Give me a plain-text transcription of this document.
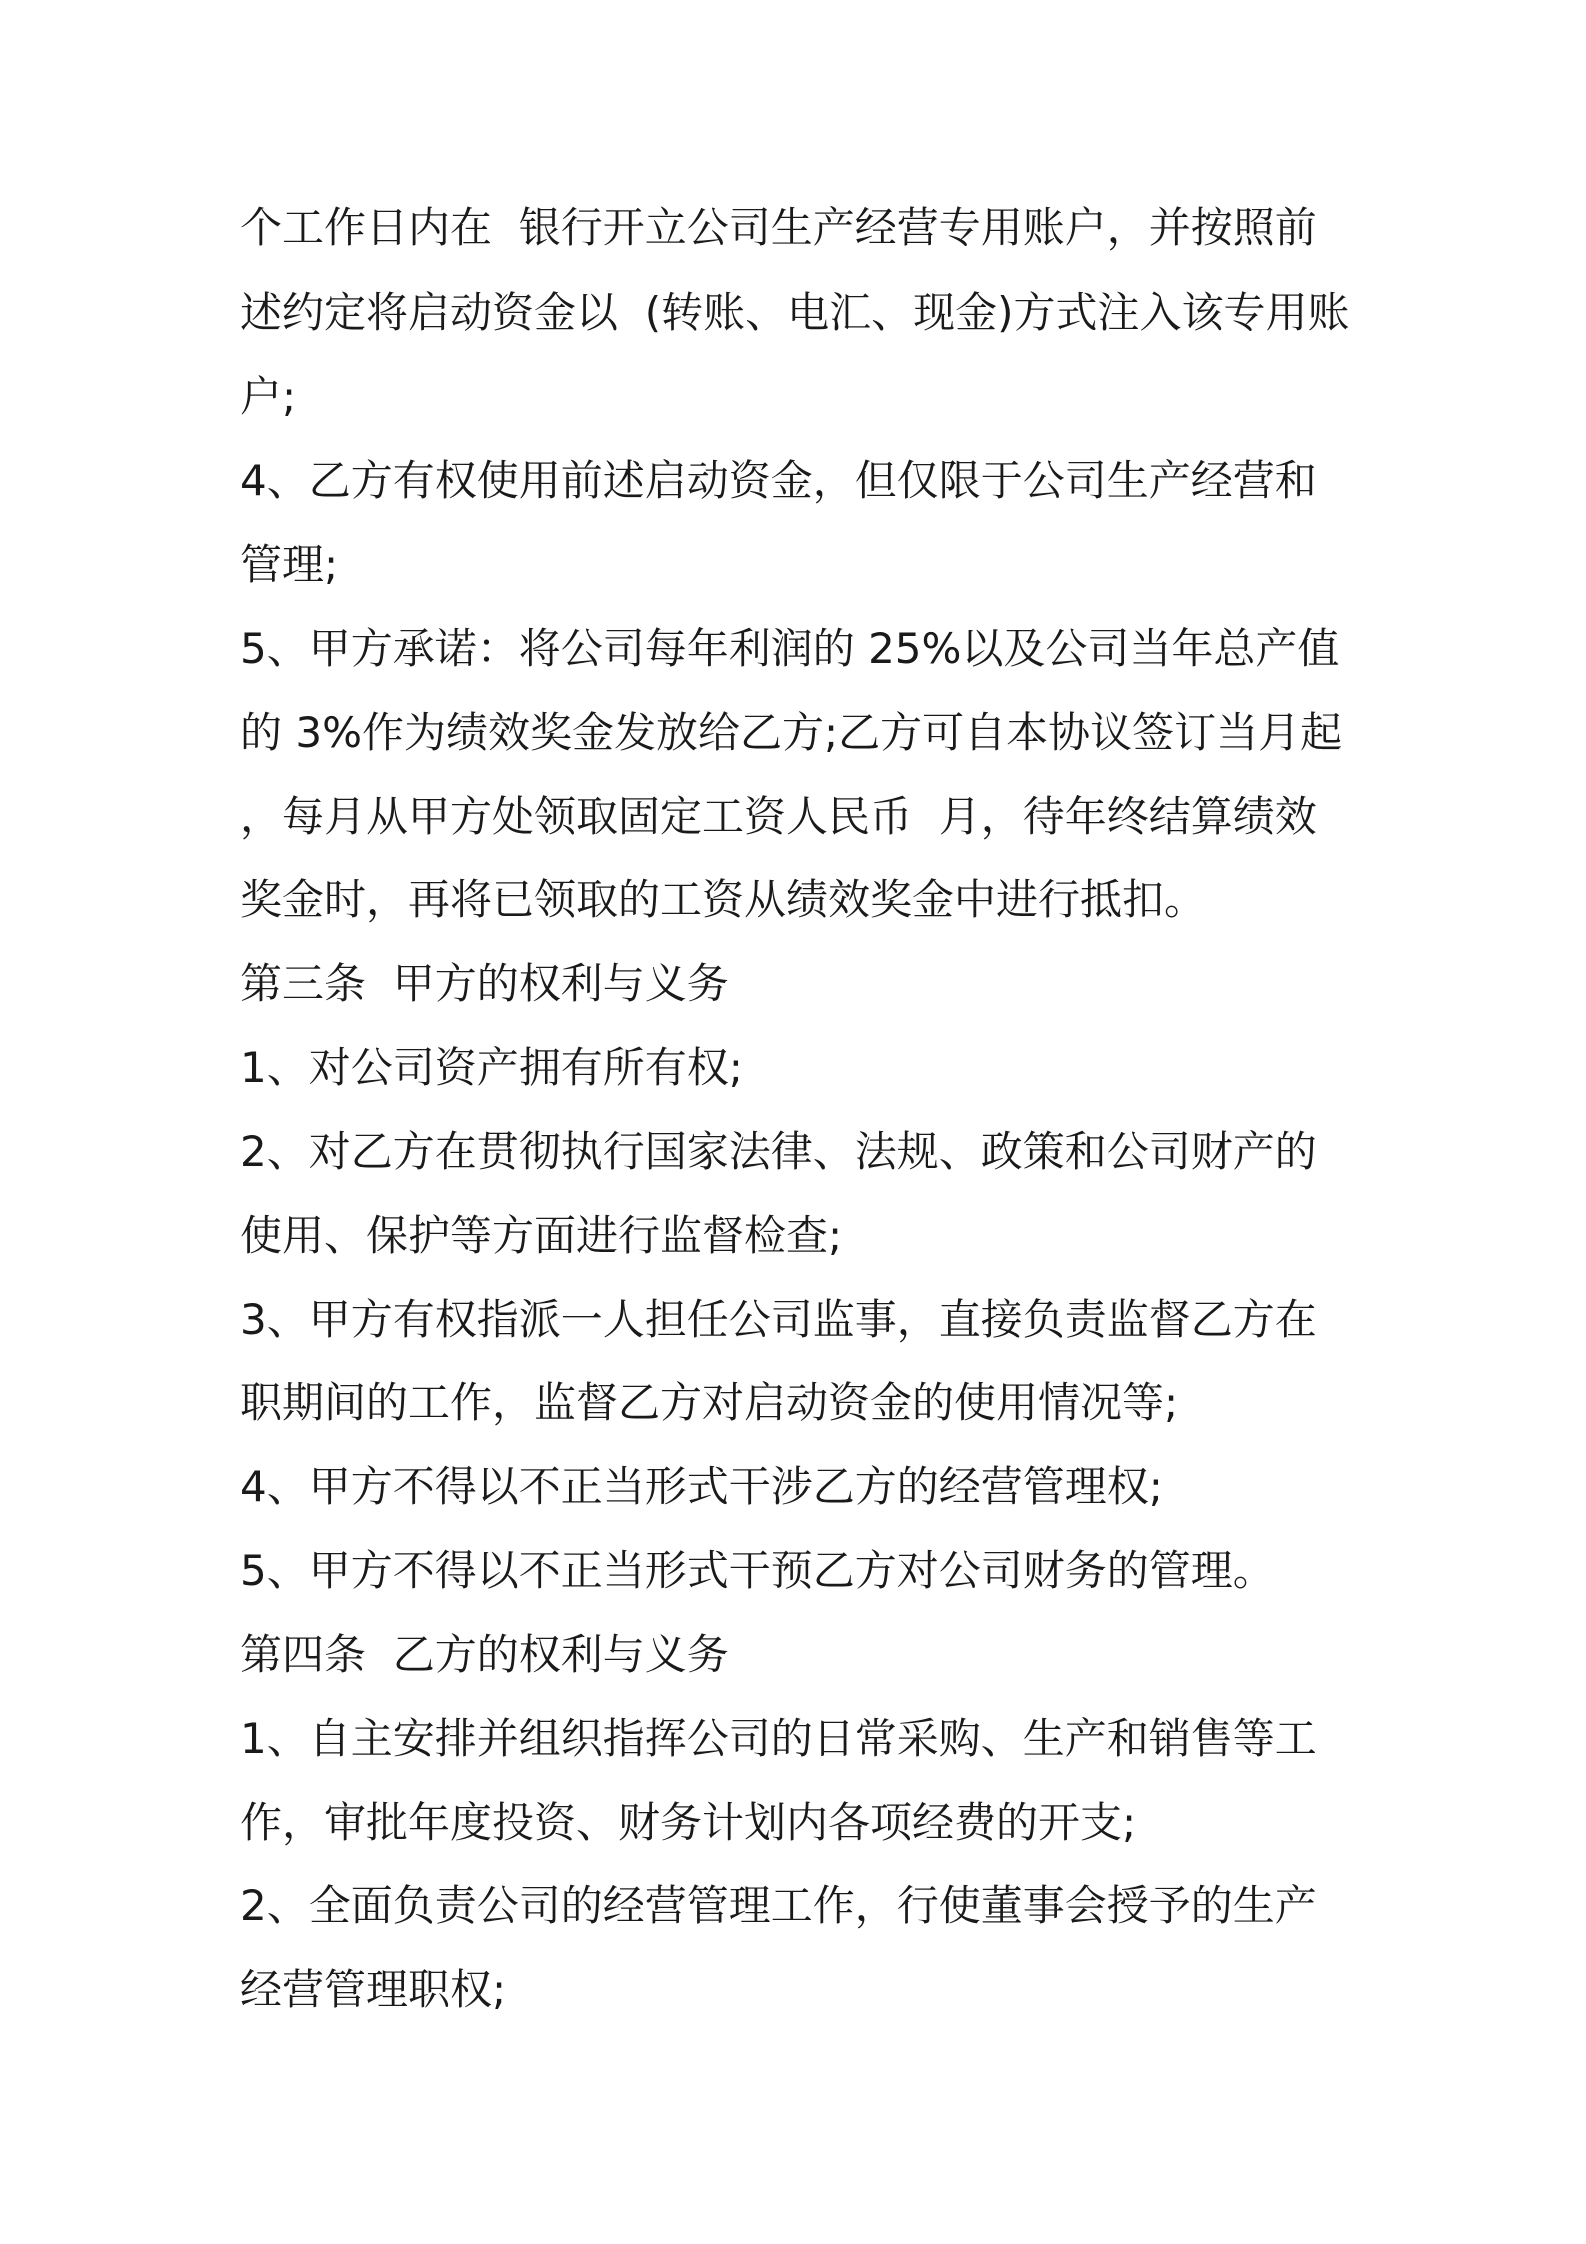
个工作日内在  银行开立公司生产经营专用账户，并按照前

述约定将启动资金以  (转账、电汇、现金)方式注入该专用账

户;

4、乙方有权使用前述启动资金，但仅限于公司生产经营和

管理;

5、甲方承诺：将公司每年利润的 25%以及公司当年总产值

的 3%作为绩效奖金发放给乙方;乙方可自本协议签订当月起

，每月从甲方处领取固定工资人民币  月，待年终结算绩效

奖金时，再将已领取的工资从绩效奖金中进行抵扣。

第三条  甲方的权利与义务

1、对公司资产拥有所有权;

2、对乙方在贯彻执行国家法律、法规、政策和公司财产的

使用、保护等方面进行监督检查;

3、甲方有权指派一人担任公司监事，直接负责监督乙方在

职期间的工作，监督乙方对启动资金的使用情况等;

4、甲方不得以不正当形式干涉乙方的经营管理权;

5、甲方不得以不正当形式干预乙方对公司财务的管理。

第四条  乙方的权利与义务

1、自主安排并组织指挥公司的日常采购、生产和销售等工

作，审批年度投资、财务计划内各项经费的开支;

2、全面负责公司的经营管理工作，行使董事会授予的生产

经营管理职权;
